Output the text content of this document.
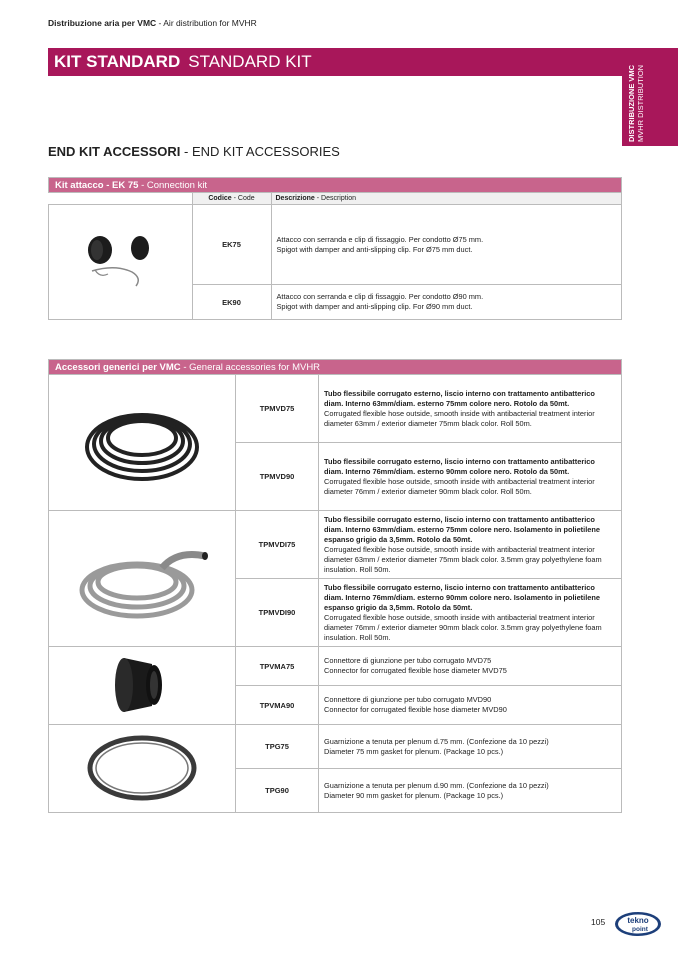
Distribuzione aria per VMC - Air distribution for MVHR
KIT STANDARD STANDARD KIT
DISTRIBUZIONE VMC MVHR DISTRIBUTION
END KIT ACCESSORI - END KIT ACCESSORIES
Kit attacco - EK 75 - Connection kit		
	Codice - Code	Descrizione - Description
	EK75	Attacco con serranda e clip di fissaggio. Per condotto Ø75 mm.
Spigot with damper and anti-slipping clip. For Ø75 mm duct.

	EK90	Attacco con serranda e clip di fissaggio. Per condotto Ø90 mm.
Spigot with damper and anti-slipping clip. For Ø90 mm duct.
Accessori generici per VMC - General accessories for MVHR		
	TPMVD75	Tubo flessibile corrugato esterno, liscio interno con trattamento antibatterico diam. Interno 63mm/diam. esterno 75mm colore nero. Rotolo da 50mt.
Corrugated flexible hose outside, smooth inside with antibacterial treatment interior diameter 63mm / exterior diameter 75mm black color. Roll 50m.

	TPMVD90	Tubo flessibile corrugato esterno, liscio interno con trattamento antibatterico diam. Interno 76mm/diam. esterno 90mm colore nero. Rotolo da 50mt.
Corrugated flexible hose outside, smooth inside with antibacterial treatment interior diameter 76mm / exterior diameter 90mm black color. Roll 50m.

	TPMVDI75	Tubo flessibile corrugato esterno, liscio interno con trattamento antibatterico diam. Interno 63mm/diam. esterno 75mm colore nero. Isolamento in polietilene espanso grigio da 3,5mm. Rotolo da 50mt.
Corrugated flexible hose outside, smooth inside with antibacterial treatment interior diameter 63mm / exterior diameter 75mm black color. 3.5mm gray polyethylene foam insulation. Roll 50m.

	TPMVDI90	Tubo flessibile corrugato esterno, liscio interno con trattamento antibatterico diam. Interno 76mm/diam. esterno 90mm colore nero. Isolamento in polietilene espanso grigio da 3,5mm. Rotolo da 50mt.
Corrugated flexible hose outside, smooth inside with antibacterial treatment interior diameter 76mm / exterior diameter 90mm black color. 3.5mm gray polyethylene foam insulation. Roll 50m.

	TPVMA75	Connettore di giunzione per tubo corrugato MVD75
Connector for corrugated flexible hose diameter MVD75

	TPVMA90	Connettore di giunzione per tubo corrugato MVD90
Connector for corrugated flexible hose diameter MVD90

	TPG75	Guarnizione a tenuta per plenum d.75 mm. (Confezione da 10 pezzi)
Diameter 75 mm gasket for plenum. (Package 10 pcs.)

	TPG90	Guarnizione a tenuta per plenum d.90 mm. (Confezione da 10 pezzi)
Diameter 90 mm gasket for plenum. (Package 10 pcs.)
105	tekno
point
